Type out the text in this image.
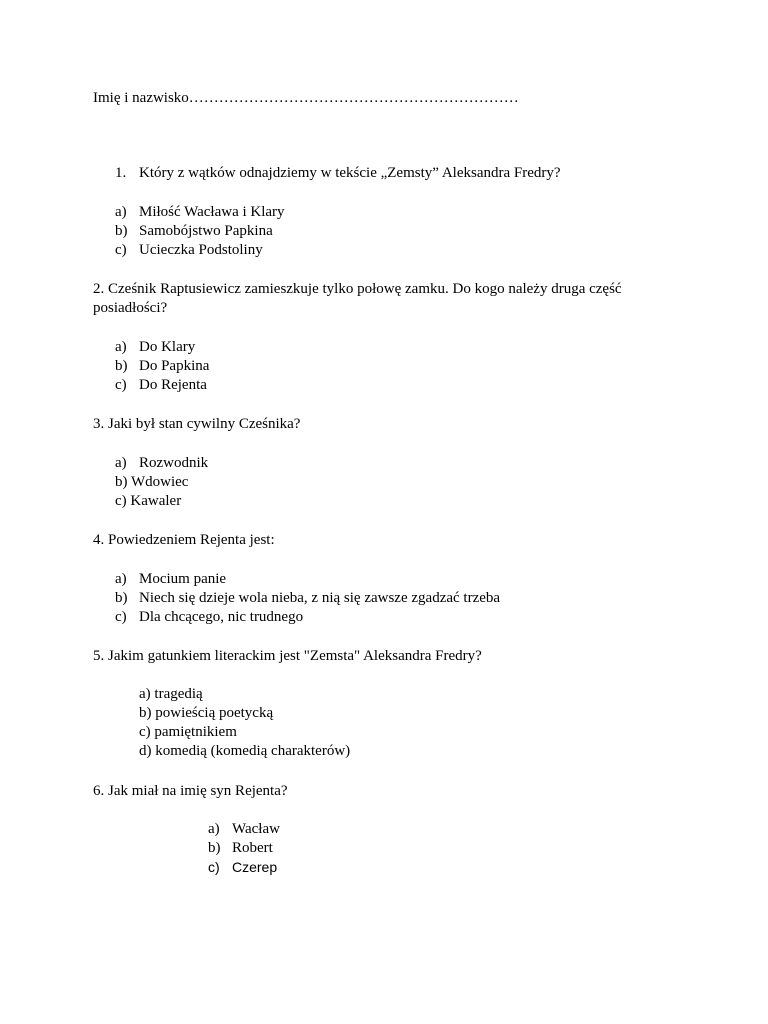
Imię i nazwisko…………………………………………………………
1. Który z wątków odnajdziemy w tekście „Zemsty” Aleksandra Fredry?
a) Miłość Wacława i Klary
b) Samobójstwo Papkina
c) Ucieczka Podstoliny
2. Cześnik Raptusiewicz zamieszkuje tylko połowę zamku. Do kogo należy druga część
posiadłości?
a) Do Klary
b) Do Papkina
c) Do Rejenta
3. Jaki był stan cywilny Cześnika?
a) Rozwodnik
b) Wdowiec
c) Kawaler
4. Powiedzeniem Rejenta jest:
a) Mocium panie
b) Niech się dzieje wola nieba, z nią się zawsze zgadzać trzeba
c) Dla chcącego, nic trudnego
5. Jakim gatunkiem literackim jest "Zemsta" Aleksandra Fredry?
a) tragedią
b) powieścią poetycką
c) pamiętnikiem
d) komedią (komedią charakterów)
6. Jak miał na imię syn Rejenta?
a) Wacław
b) Robert
c) Czerep
